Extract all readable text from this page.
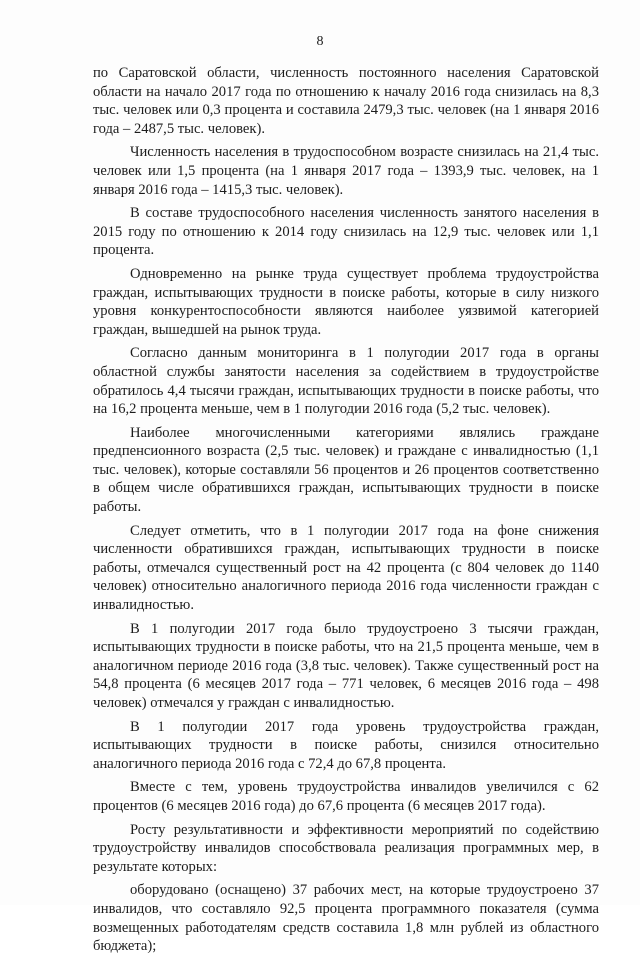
8

по Саратовской области, численность постоянного населения Саратовской области на начало 2017 года по отношению к началу 2016 года снизилась на 8,3 тыс. человек или 0,3 процента и составила 2479,3 тыс. человек (на 1 января 2016 года – 2487,5 тыс. человек).

Численность населения в трудоспособном возрасте снизилась на 21,4 тыс. человек или 1,5 процента (на 1 января 2017 года – 1393,9 тыс. человек, на 1 января 2016 года – 1415,3 тыс. человек).

В составе трудоспособного населения численность занятого населения в 2015 году по отношению к 2014 году снизилась на 12,9 тыс. человек или 1,1 процента.

Одновременно на рынке труда существует проблема трудоустройства граждан, испытывающих трудности в поиске работы, которые в силу низкого уровня конкурентоспособности являются наиболее уязвимой категорией граждан, вышедшей на рынок труда.

Согласно данным мониторинга в 1 полугодии 2017 года в органы областной службы занятости населения за содействием в трудоустройстве обратилось 4,4 тысячи граждан, испытывающих трудности в поиске работы, что на 16,2 процента меньше, чем в 1 полугодии 2016 года (5,2 тыс. человек).

Наиболее многочисленными категориями являлись граждане предпенсионного возраста (2,5 тыс. человек) и граждане с инвалидностью (1,1 тыс. человек), которые составляли 56 процентов и 26 процентов соответственно в общем числе обратившихся граждан, испытывающих трудности в поиске работы.

Следует отметить, что в 1 полугодии 2017 года на фоне снижения численности обратившихся граждан, испытывающих трудности в поиске работы, отмечался существенный рост на 42 процента (с 804 человек до 1140 человек) относительно аналогичного периода 2016 года численности граждан с инвалидностью.

В 1 полугодии 2017 года было трудоустроено 3 тысячи граждан, испытывающих трудности в поиске работы, что на 21,5 процента меньше, чем в аналогичном периоде 2016 года (3,8 тыс. человек). Также существенный рост на 54,8 процента (6 месяцев 2017 года – 771 человек, 6 месяцев 2016 года – 498 человек) отмечался у граждан с инвалидностью.

В 1 полугодии 2017 года уровень трудоустройства граждан, испытывающих трудности в поиске работы, снизился относительно аналогичного периода 2016 года с 72,4 до 67,8 процента.

Вместе с тем, уровень трудоустройства инвалидов увеличился с 62 процентов (6 месяцев 2016 года) до 67,6 процента (6 месяцев 2017 года).

Росту результативности и эффективности мероприятий по содействию трудоустройству инвалидов способствовала реализация программных мер, в результате которых:

оборудовано (оснащено) 37 рабочих мест, на которые трудоустроено 37 инвалидов, что составляло 92,5 процента программного показателя (сумма возмещенных работодателям средств составила 1,8 млн рублей из областного бюджета);
